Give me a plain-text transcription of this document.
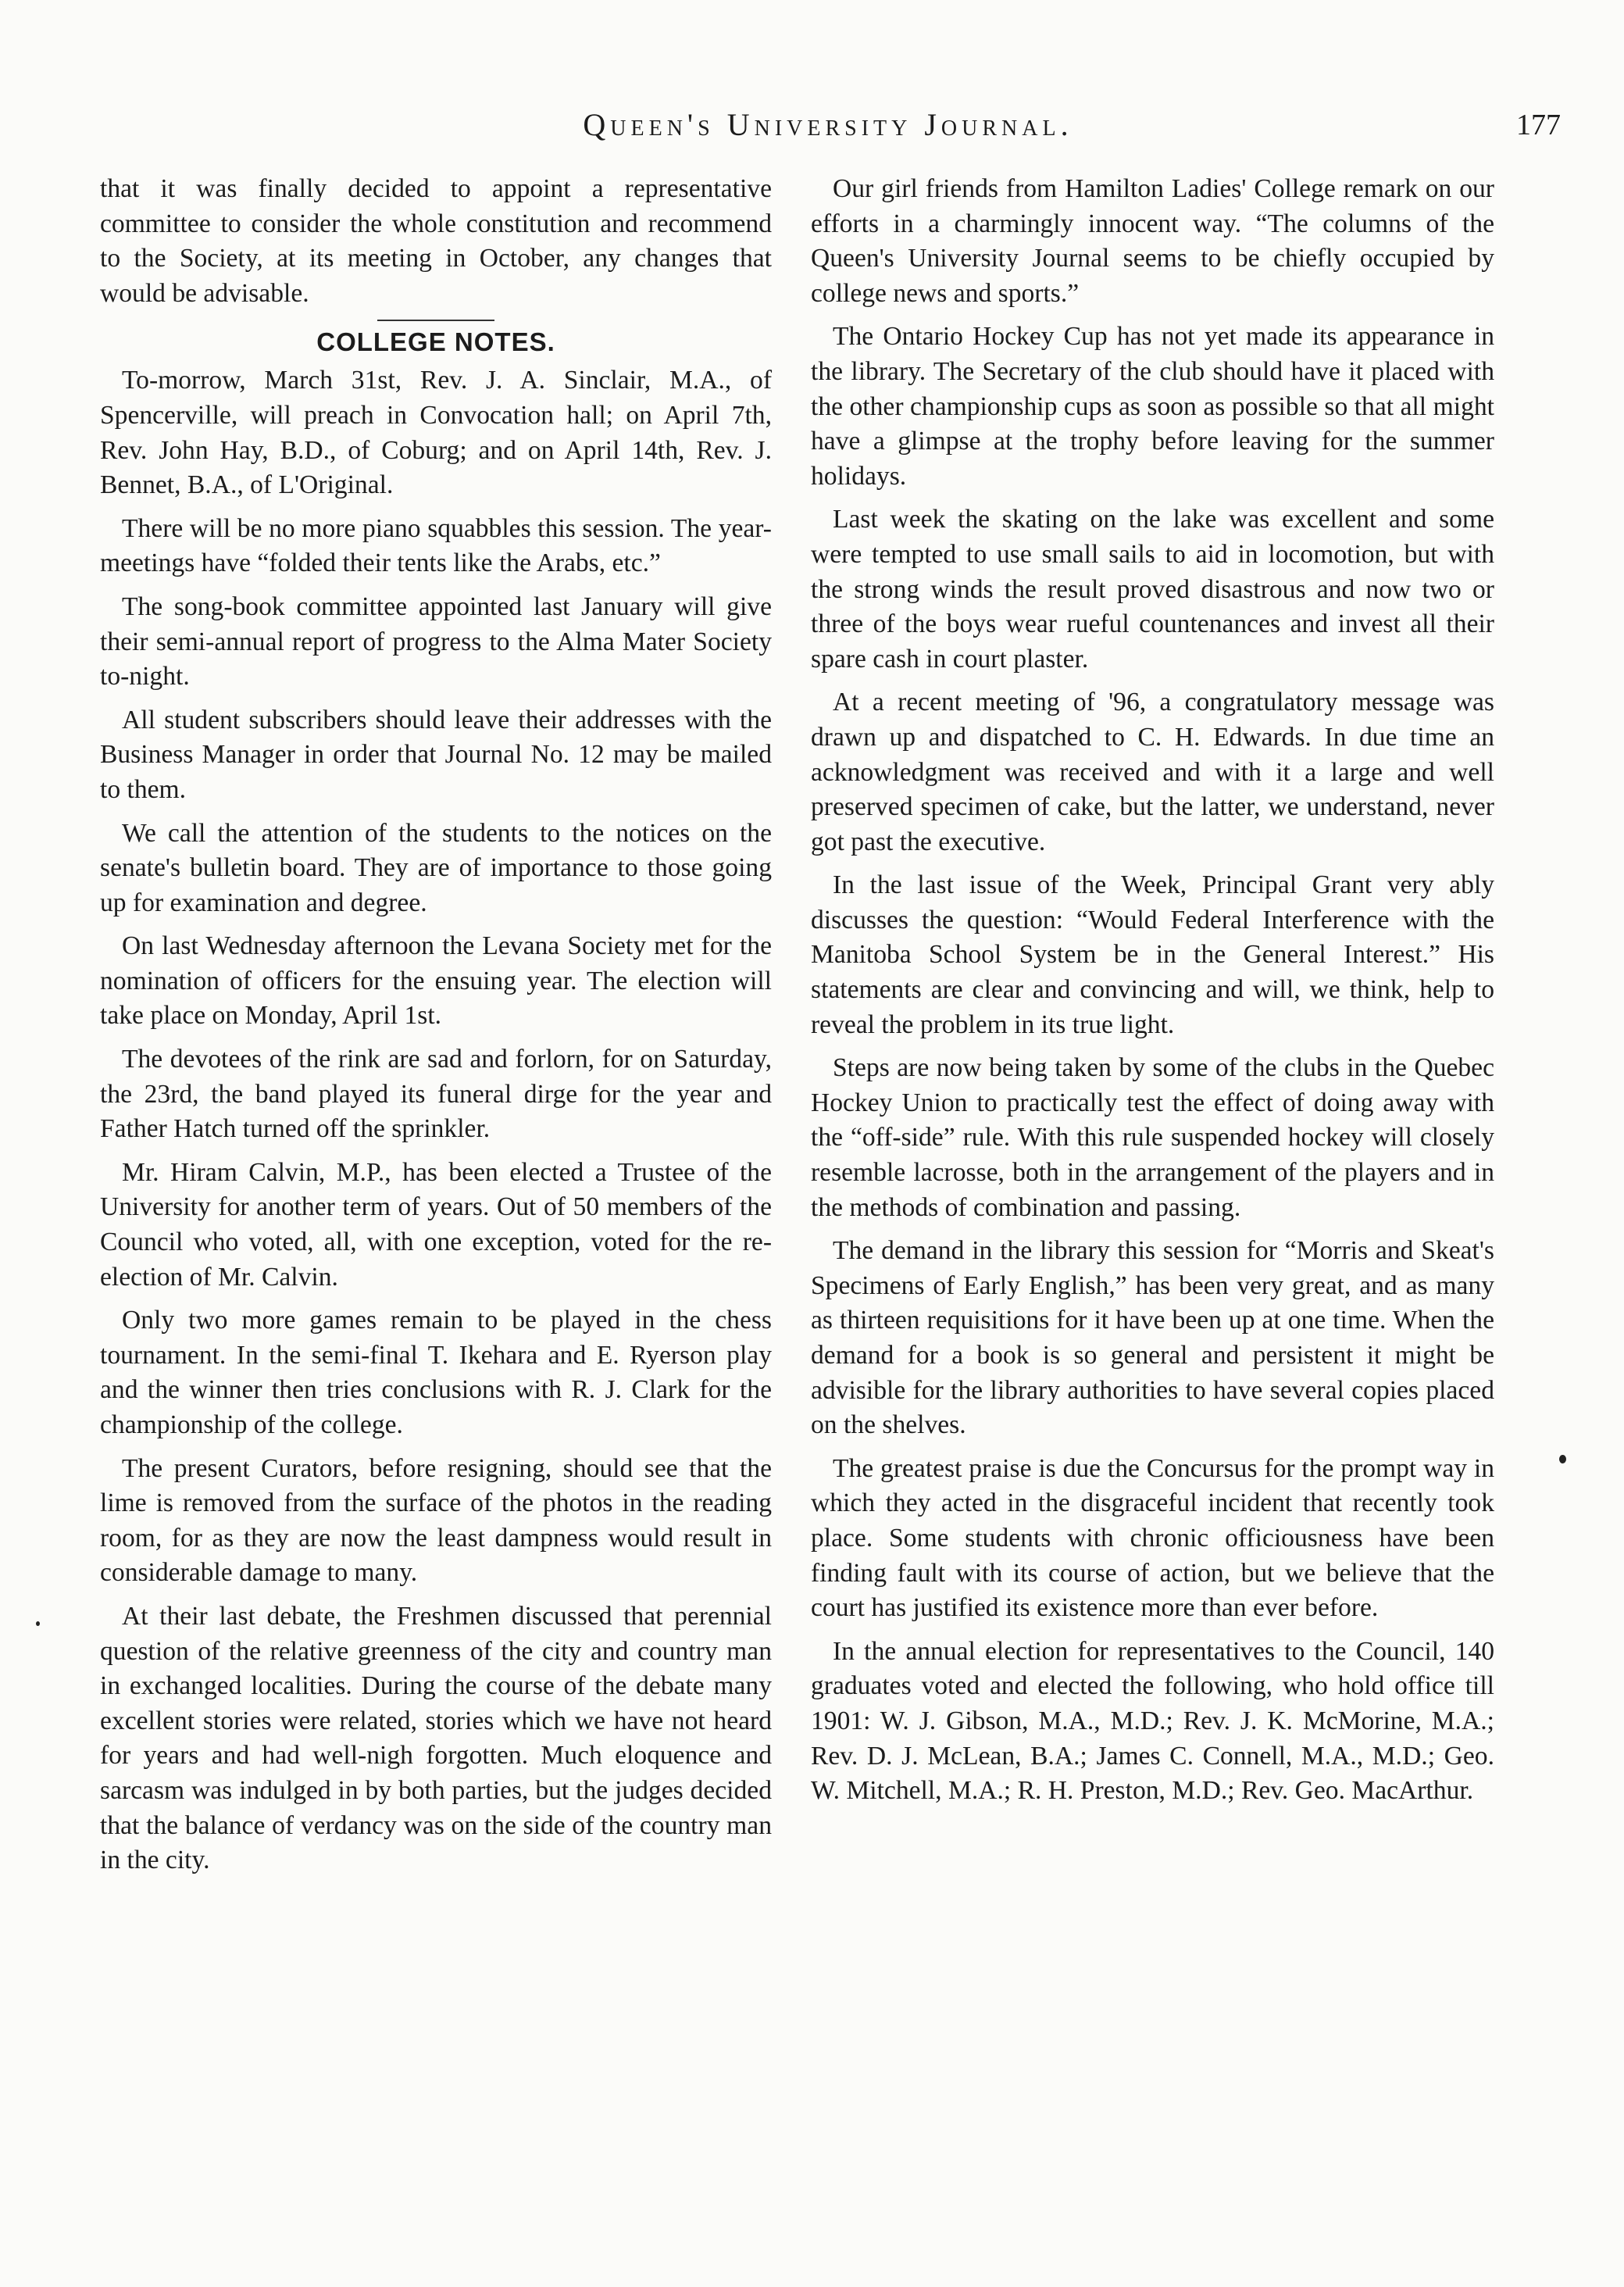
Queen's University Journal.	177

that it was finally decided to appoint a representative committee to consider the whole constitution and recommend to the Society, at its meeting in October, any changes that would be advisable.

COLLEGE NOTES.

To-morrow, March 31st, Rev. J. A. Sinclair, M.A., of Spencerville, will preach in Convocation hall; on April 7th, Rev. John Hay, B.D., of Coburg; and on April 14th, Rev. J. Bennet, B.A., of L'Original.

There will be no more piano squabbles this session. The year-meetings have “folded their tents like the Arabs, etc.”

The song-book committee appointed last January will give their semi-annual report of progress to the Alma Mater Society to-night.

All student subscribers should leave their addresses with the Business Manager in order that Journal No. 12 may be mailed to them.

We call the attention of the students to the notices on the senate's bulletin board. They are of importance to those going up for examination and degree.

On last Wednesday afternoon the Levana Society met for the nomination of officers for the ensuing year. The election will take place on Monday, April 1st.

The devotees of the rink are sad and forlorn, for on Saturday, the 23rd, the band played its funeral dirge for the year and Father Hatch turned off the sprinkler.

Mr. Hiram Calvin, M.P., has been elected a Trustee of the University for another term of years. Out of 50 members of the Council who voted, all, with one exception, voted for the re-election of Mr. Calvin.

Only two more games remain to be played in the chess tournament. In the semi-final T. Ikehara and E. Ryerson play and the winner then tries conclusions with R. J. Clark for the championship of the college.

The present Curators, before resigning, should see that the lime is removed from the surface of the photos in the reading room, for as they are now the least dampness would result in considerable damage to many.

At their last debate, the Freshmen discussed that perennial question of the relative greenness of the city and country man in exchanged localities. During the course of the debate many excellent stories were related, stories which we have not heard for years and had well-nigh forgotten. Much eloquence and sarcasm was indulged in by both parties, but the judges decided that the balance of verdancy was on the side of the country man in the city.

Our girl friends from Hamilton Ladies' College remark on our efforts in a charmingly innocent way. “The columns of the Queen's University Journal seems to be chiefly occupied by college news and sports.”

The Ontario Hockey Cup has not yet made its appearance in the library. The Secretary of the club should have it placed with the other championship cups as soon as possible so that all might have a glimpse at the trophy before leaving for the summer holidays.

Last week the skating on the lake was excellent and some were tempted to use small sails to aid in locomotion, but with the strong winds the result proved disastrous and now two or three of the boys wear rueful countenances and invest all their spare cash in court plaster.

At a recent meeting of '96, a congratulatory message was drawn up and dispatched to C. H. Edwards. In due time an acknowledgment was received and with it a large and well preserved specimen of cake, but the latter, we understand, never got past the executive.

In the last issue of the Week, Principal Grant very ably discusses the question: “Would Federal Interference with the Manitoba School System be in the General Interest.” His statements are clear and convincing and will, we think, help to reveal the problem in its true light.

Steps are now being taken by some of the clubs in the Quebec Hockey Union to practically test the effect of doing away with the “off-side” rule. With this rule suspended hockey will closely resemble lacrosse, both in the arrangement of the players and in the methods of combination and passing.

The demand in the library this session for “Morris and Skeat's Specimens of Early English,” has been very great, and as many as thirteen requisitions for it have been up at one time. When the demand for a book is so general and persistent it might be advisible for the library authorities to have several copies placed on the shelves.

The greatest praise is due the Concursus for the prompt way in which they acted in the disgraceful incident that recently took place. Some students with chronic officiousness have been finding fault with its course of action, but we believe that the court has justified its existence more than ever before.

In the annual election for representatives to the Council, 140 graduates voted and elected the following, who hold office till 1901: W. J. Gibson, M.A., M.D.; Rev. J. K. McMorine, M.A.; Rev. D. J. McLean, B.A.; James C. Connell, M.A., M.D.; Geo. W. Mitchell, M.A.; R. H. Preston, M.D.; Rev. Geo. MacArthur.
